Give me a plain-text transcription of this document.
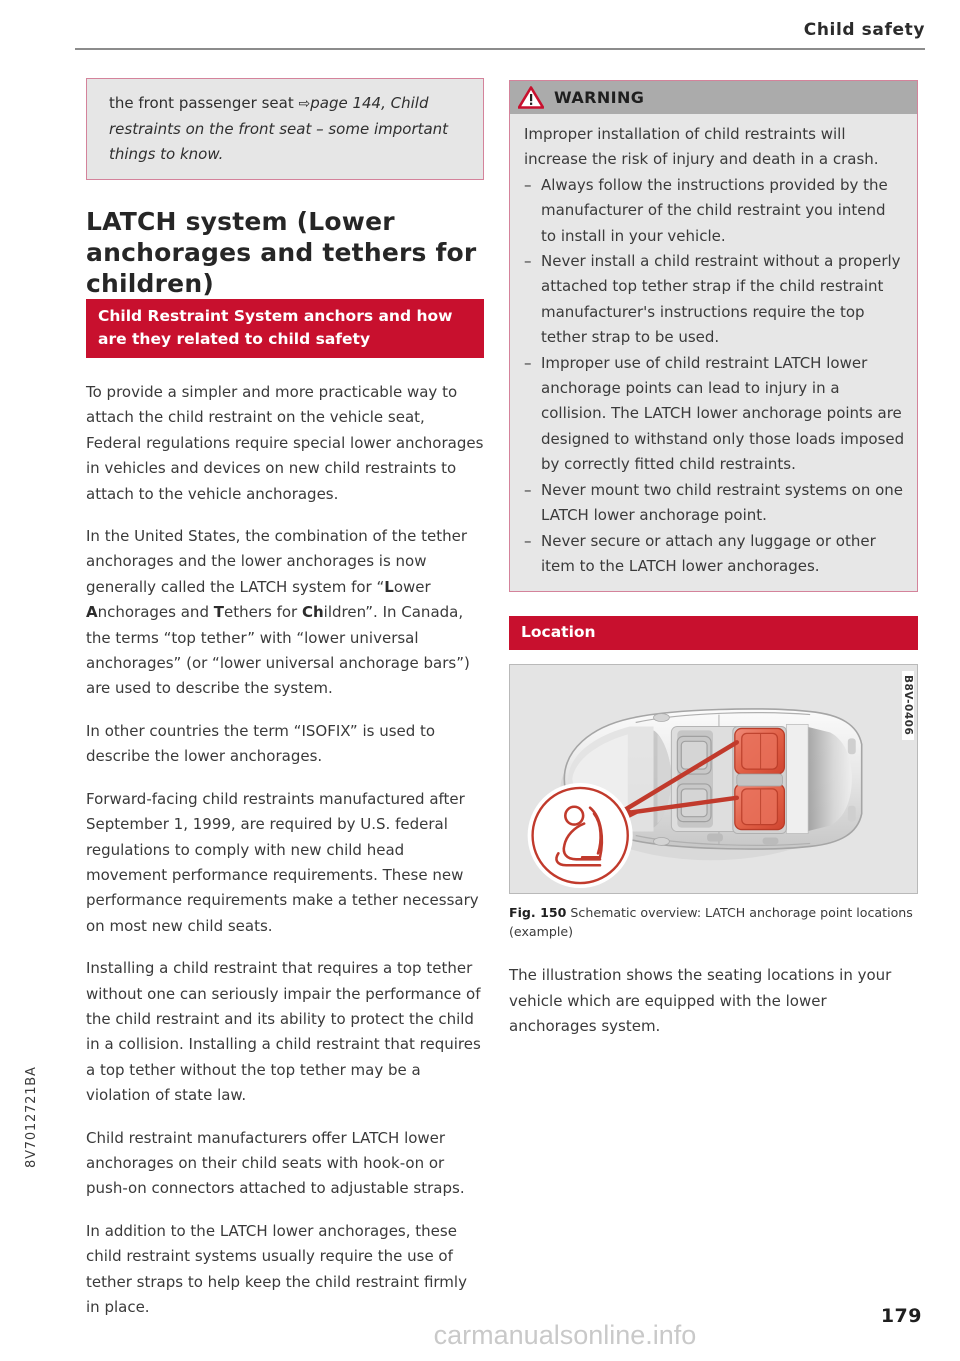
Child safety

the front passenger seat ⇨page 144, Child restraints on the front seat – some important things to know.

LATCH system (Lower anchorages and tethers for children)
Child Restraint System anchors and how are they related to child safety

To provide a simpler and more practicable way to attach the child restraint on the vehicle seat, Federal regulations require special lower anchorages in vehicles and devices on new child restraints to attach to the vehicle anchorages.

In the United States, the combination of the tether anchorages and the lower anchorages is now generally called the LATCH system for “Lower Anchorages and Tethers for Children”. In Canada, the terms “top tether” with “lower universal anchorages” (or “lower universal anchorage bars”) are used to describe the system.

In other countries the term “ISOFIX” is used to describe the lower anchorages.

Forward-facing child restraints manufactured after September 1, 1999, are required by U.S. federal regulations to comply with new child head movement performance requirements. These new performance requirements make a tether necessary on most new child seats.

Installing a child restraint that requires a top tether without one can seriously impair the performance of the child restraint and its ability to protect the child in a collision. Installing a child restraint that requires a top tether without the top tether may be a violation of state law.

Child restraint manufacturers offer LATCH lower anchorages on their child seats with hook-on or push-on connectors attached to adjustable straps.

In addition to the LATCH lower anchorages, these child restraint systems usually require the use of tether straps to help keep the child restraint firmly in place.

WARNING

Improper installation of child restraints will increase the risk of injury and death in a crash.

– Always follow the instructions provided by the manufacturer of the child restraint you intend to install in your vehicle.
– Never install a child restraint without a properly attached top tether strap if the child restraint manufacturer's instructions require the top tether strap to be used.
– Improper use of child restraint LATCH lower anchorage points can lead to injury in a collision. The LATCH lower anchorage points are designed to withstand only those loads imposed by correctly fitted child restraints.
– Never mount two child restraint systems on one LATCH lower anchorage point.
– Never secure or attach any luggage or other item to the LATCH lower anchorages.
Location
B8V-0406
Fig. 150 Schematic overview: LATCH anchorage point locations (example)

The illustration shows the seating locations in your vehicle which are equipped with the lower anchorages system.

8V7012721BA
179
carmanualsonline.info
